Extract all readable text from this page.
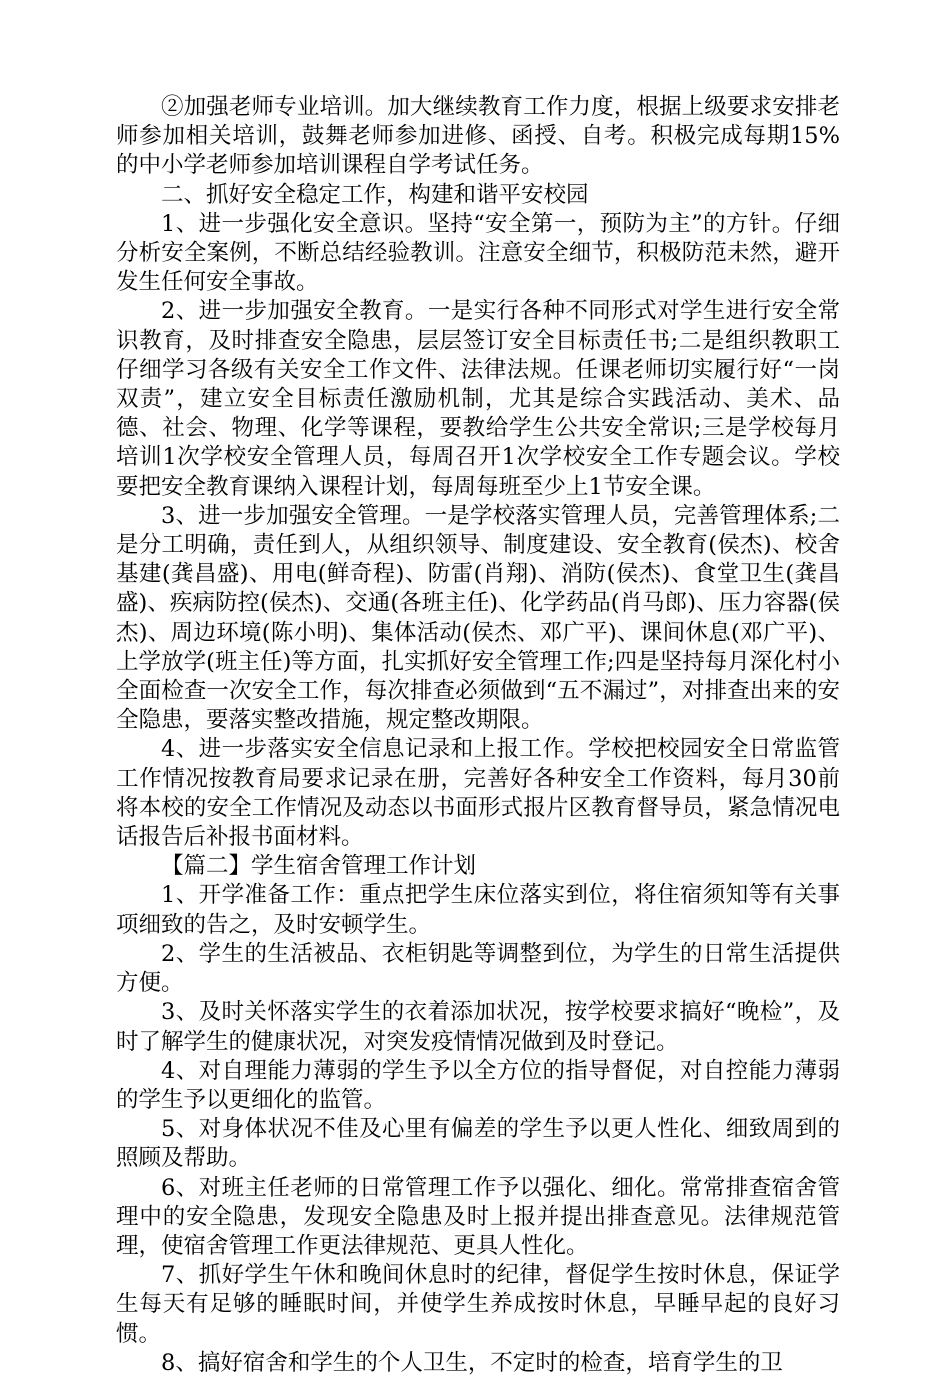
②加强老师专业培训。加大继续教育工作力度，根据上级要求安排老师参加相关培训，鼓舞老师参加进修、函授、自考。积极完成每期15%的中小学老师参加培训课程自学考试任务。

二、抓好安全稳定工作，构建和谐平安校园

1、进一步强化安全意识。坚持“安全第一，预防为主”的方针。仔细分析安全案例，不断总结经验教训。注意安全细节，积极防范未然，避开发生任何安全事故。

2、进一步加强安全教育。一是实行各种不同形式对学生进行安全常识教育，及时排查安全隐患，层层签订安全目标责任书;二是组织教职工仔细学习各级有关安全工作文件、法律法规。任课老师切实履行好“一岗双责”，建立安全目标责任激励机制，尤其是综合实践活动、美术、品德、社会、物理、化学等课程，要教给学生公共安全常识;三是学校每月培训1次学校安全管理人员，每周召开1次学校安全工作专题会议。学校要把安全教育课纳入课程计划，每周每班至少上1节安全课。

3、进一步加强安全管理。一是学校落实管理人员，完善管理体系;二是分工明确，责任到人，从组织领导、制度建设、安全教育(侯杰)、校舍基建(龚昌盛)、用电(鲜奇程)、防雷(肖翔)、消防(侯杰)、食堂卫生(龚昌盛)、疾病防控(侯杰)、交通(各班主任)、化学药品(肖马郎)、压力容器(侯杰)、周边环境(陈小明)、集体活动(侯杰、邓广平)、课间休息(邓广平)、上学放学(班主任)等方面，扎实抓好安全管理工作;四是坚持每月深化村小全面检查一次安全工作，每次排查必须做到“五不漏过”，对排查出来的安全隐患，要落实整改措施，规定整改期限。

4、进一步落实安全信息记录和上报工作。学校把校园安全日常监管工作情况按教育局要求记录在册，完善好各种安全工作资料，每月30前将本校的安全工作情况及动态以书面形式报片区教育督导员，紧急情况电话报告后补报书面材料。

【篇二】学生宿舍管理工作计划

1、开学准备工作：重点把学生床位落实到位，将住宿须知等有关事项细致的告之，及时安顿学生。

2、学生的生活被品、衣柜钥匙等调整到位，为学生的日常生活提供方便。

3、及时关怀落实学生的衣着添加状况，按学校要求搞好“晚检”，及时了解学生的健康状况，对突发疫情情况做到及时登记。

4、对自理能力薄弱的学生予以全方位的指导督促，对自控能力薄弱的学生予以更细化的监管。

5、对身体状况不佳及心里有偏差的学生予以更人性化、细致周到的照顾及帮助。

6、对班主任老师的日常管理工作予以强化、细化。常常排查宿舍管理中的安全隐患，发现安全隐患及时上报并提出排查意见。法律规范管理，使宿舍管理工作更法律规范、更具人性化。

7、抓好学生午休和晚间休息时的纪律，督促学生按时休息，保证学生每天有足够的睡眠时间，并使学生养成按时休息，早睡早起的良好习惯。

8、搞好宿舍和学生的个人卫生，不定时的检查，培育学生的卫
